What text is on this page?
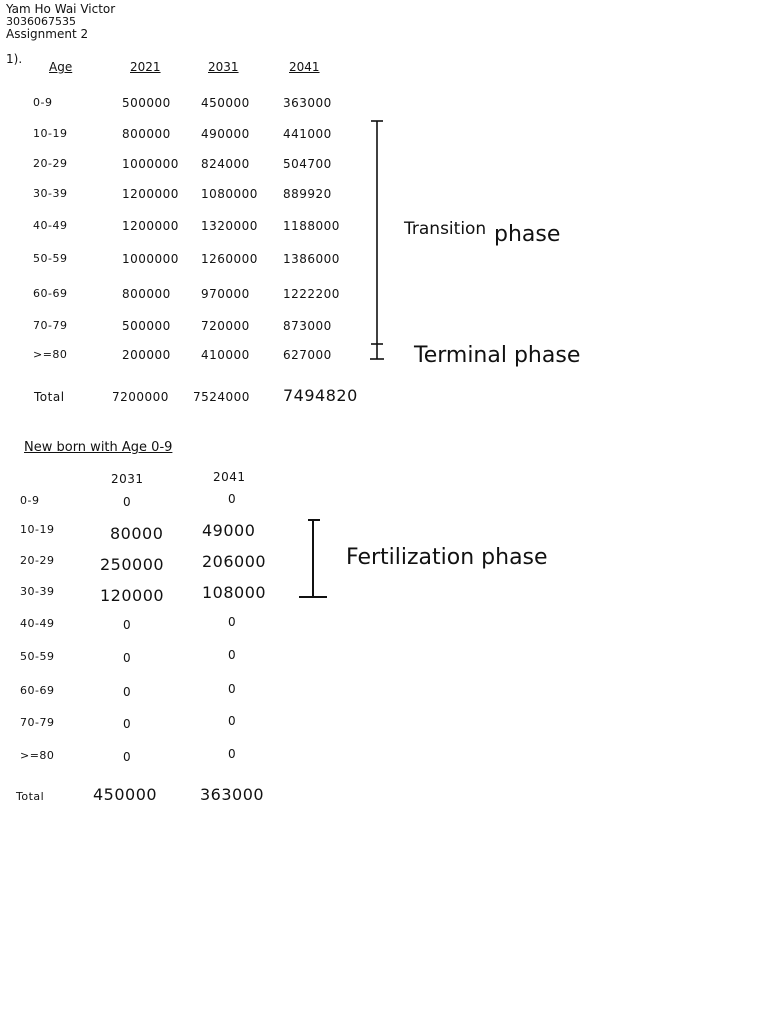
Yam Ho Wai Victor
3036067535
Assignment 2
1).
Age	2021	2031	2041
0-9	500000	450000	363000
10-19	800000	490000	441000
20-29	1000000 824000	504700
30-39	1200000 1080000 889920
40-49	1200000 1320000 1188000
50-59	1000000 1260000 1386000
60-69	800000	970000	1222200
70-79	500000	720000	873000
>=80	200000	410000	627000
Total	7200000 7524000 7494820
Transition phase
Terminal phase
New born with Age 0-9
2031	2041
0-9	0	0
10-19	80000 49000
20-29	250000 206000
30-39	120000 108000
40-49	0	0
50-59	0	0
60-69	0	0
70-79	0	0
>=80	0	0
Total	450000	363000
Fertilization phase
